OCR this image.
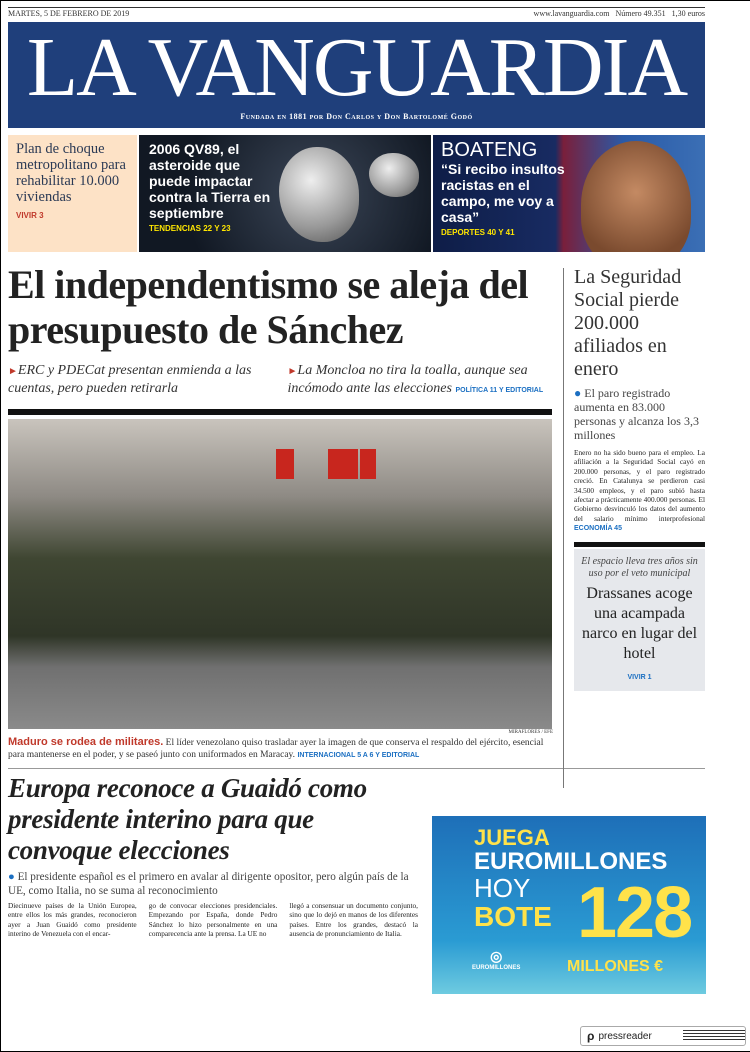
MARTES, 5 DE FEBRERO DE 2019	www.lavanguardia.com Número 49.351 1,30 euros
LA VANGUARDIA
Fundada en 1881 por Don Carlos y Don Bartolomé Godó
Plan de choque metropolitano para rehabilitar 10.000 viviendas
VIVIR 3
2006 QV89, el asteroide que puede impactar contra la Tierra en septiembre
TENDENCIAS 22 Y 23
BOATENG
“Si recibo insultos racistas en el campo, me voy a casa”
DEPORTES 40 Y 41
El independentismo se aleja del presupuesto de Sánchez
►ERC y PDECat presentan enmienda a las cuentas, pero pueden retirarla
►La Moncloa no tira la toalla, aunque sea incómodo ante las elecciones POLÍTICA 11 Y EDITORIAL
MIRAFLORES / EFE
Maduro se rodea de militares. El líder venezolano quiso trasladar ayer la imagen de que conserva el respaldo del ejército, esencial para mantenerse en el poder, y se paseó junto con uniformados en Maracay. INTERNACIONAL 5 A 6 Y EDITORIAL
Europa reconoce a Guaidó como presidente interino para que convoque elecciones
● El presidente español es el primero en avalar al dirigente opositor, pero algún país de la UE, como Italia, no se suma al reconocimiento
Diecinueve países de la Unión Europea, entre ellos los más grandes, reconocieron ayer a Juan Guaidó como presidente interino de Venezuela con el encar-
go de convocar elecciones presidenciales. Empezando por España, donde Pedro Sánchez lo hizo personalmente en una comparecencia ante la prensa. La UE no
llegó a consensuar un documento conjunto, sino que lo dejó en manos de los diferentes países. Entre los grandes, destacó la ausencia de pronunciamiento de Italia.
La Seguridad Social pierde 200.000 afiliados en enero
● El paro registrado aumenta en 83.000 personas y alcanza los 3,3 millones
Enero no ha sido bueno para el empleo. La afiliación a la Seguridad Social cayó en 200.000 personas, y el paro registrado creció. En Catalunya se perdieron casi 34.500 empleos, y el paro subió hasta afectar a prácticamente 400.000 personas. El Gobierno desvinculó los datos del aumento del salario mínimo interprofesional ECONOMÍA 45
El espacio lleva tres años sin uso por el veto municipal
Drassanes acoge una acampada narco en lugar del hotel
VIVIR 1
JUEGA
EUROMILLONES
HOY
BOTE 128
MILLONES €
◎
EUROMILLONES
ρ pressreader
